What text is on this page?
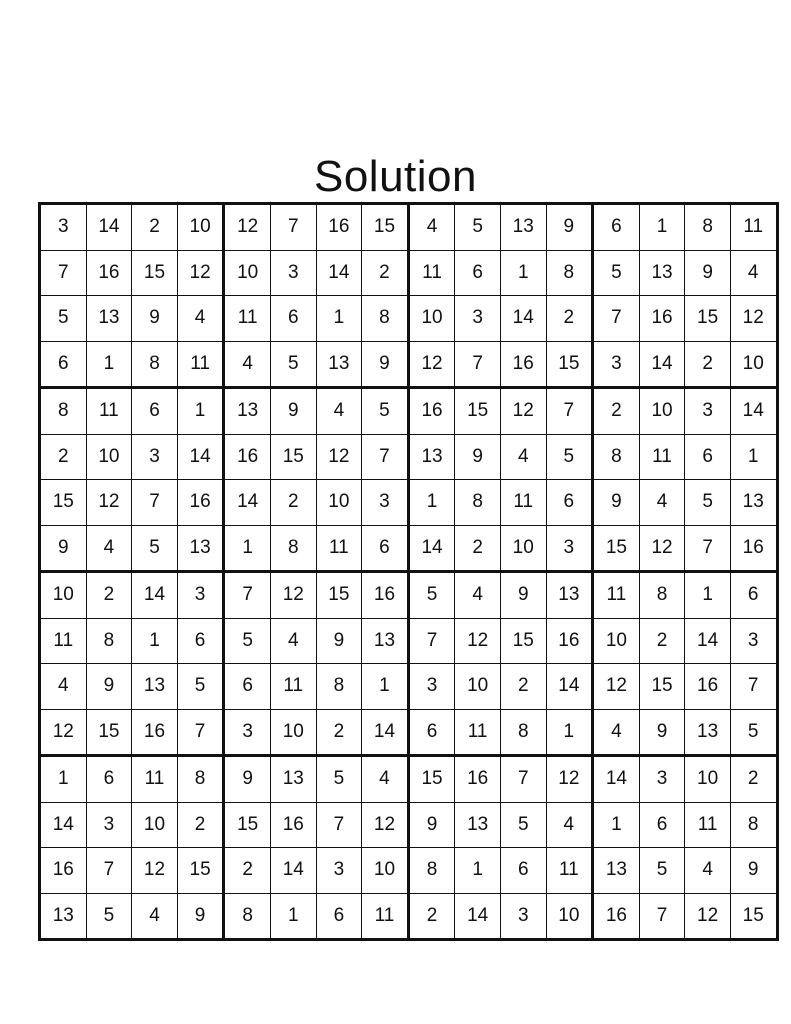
Solution
3	14	2	10	12	7	16	15	4	5	13	9	6	1	8	11
7	16	15	12	10	3	14	2	11	6	1	8	5	13	9	4
5	13	9	4	11	6	1	8	10	3	14	2	7	16	15	12
6	1	8	11	4	5	13	9	12	7	16	15	3	14	2	10
8	11	6	1	13	9	4	5	16	15	12	7	2	10	3	14
2	10	3	14	16	15	12	7	13	9	4	5	8	11	6	1
15	12	7	16	14	2	10	3	1	8	11	6	9	4	5	13
9	4	5	13	1	8	11	6	14	2	10	3	15	12	7	16
10	2	14	3	7	12	15	16	5	4	9	13	11	8	1	6
11	8	1	6	5	4	9	13	7	12	15	16	10	2	14	3
4	9	13	5	6	11	8	1	3	10	2	14	12	15	16	7
12	15	16	7	3	10	2	14	6	11	8	1	4	9	13	5
1	6	11	8	9	13	5	4	15	16	7	12	14	3	10	2
14	3	10	2	15	16	7	12	9	13	5	4	1	6	11	8
16	7	12	15	2	14	3	10	8	1	6	11	13	5	4	9
13	5	4	9	8	1	6	11	2	14	3	10	16	7	12	15
